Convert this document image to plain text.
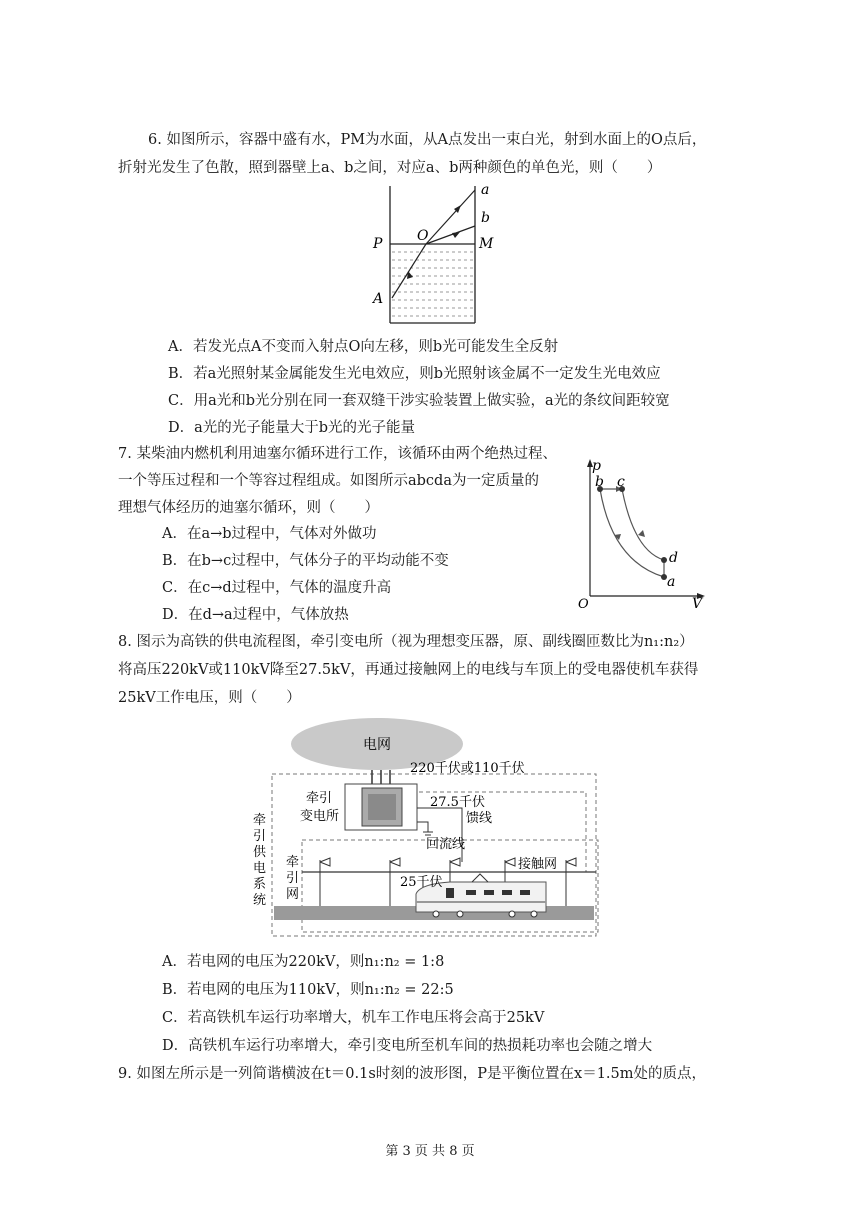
6. 如图所示，容器中盛有水，PM为水面，从A点发出一束白光，射到水面上的O点后，
折射光发生了色散，照到器壁上a、b之间，对应a、b两种颜色的单色光，则（　　）
a
b
P O	M
A
A．若发光点A不变而入射点O向左移，则b光可能发生全反射
B．若a光照射某金属能发生光电效应，则b光照射该金属不一定发生光电效应
C．用a光和b光分别在同一套双缝干涉实验装置上做实验，a光的条纹间距较宽
D．a光的光子能量大于b光的光子能量
7. 某柴油内燃机利用迪塞尔循环进行工作，该循环由两个绝热过程、
一个等压过程和一个等容过程组成。如图所示abcda为一定质量的
理想气体经历的迪塞尔循环，则（　　）
A．在a→b过程中，气体对外做功
B．在b→c过程中，气体分子的平均动能不变
C．在c→d过程中，气体的温度升高
D．在d→a过程中，气体放热
p
V
O
b c
d
a
8. 图示为高铁的供电流程图，牵引变电所（视为理想变压器，原、副线圈匝数比为n₁:n₂）
将高压220kV或110kV降至27.5kV，再通过接触网上的电线与车顶上的受电器使机车获得
25kV工作电压，则（　　）
电网
220千伏或110千伏
牵引
变电所
27.5千伏
馈线
回流线
牵
引
供
电
系
统
牵
引
网
接触网
25千伏
A．若电网的电压为220kV，则n₁:n₂ = 1:8
B．若电网的电压为110kV，则n₁:n₂ = 22:5
C．若高铁机车运行功率增大，机车工作电压将会高于25kV
D．高铁机车运行功率增大，牵引变电所至机车间的热损耗功率也会随之增大
9. 如图左所示是一列简谐横波在t＝0.1s时刻的波形图，P是平衡位置在x＝1.5m处的质点，
第 3 页 共 8 页
